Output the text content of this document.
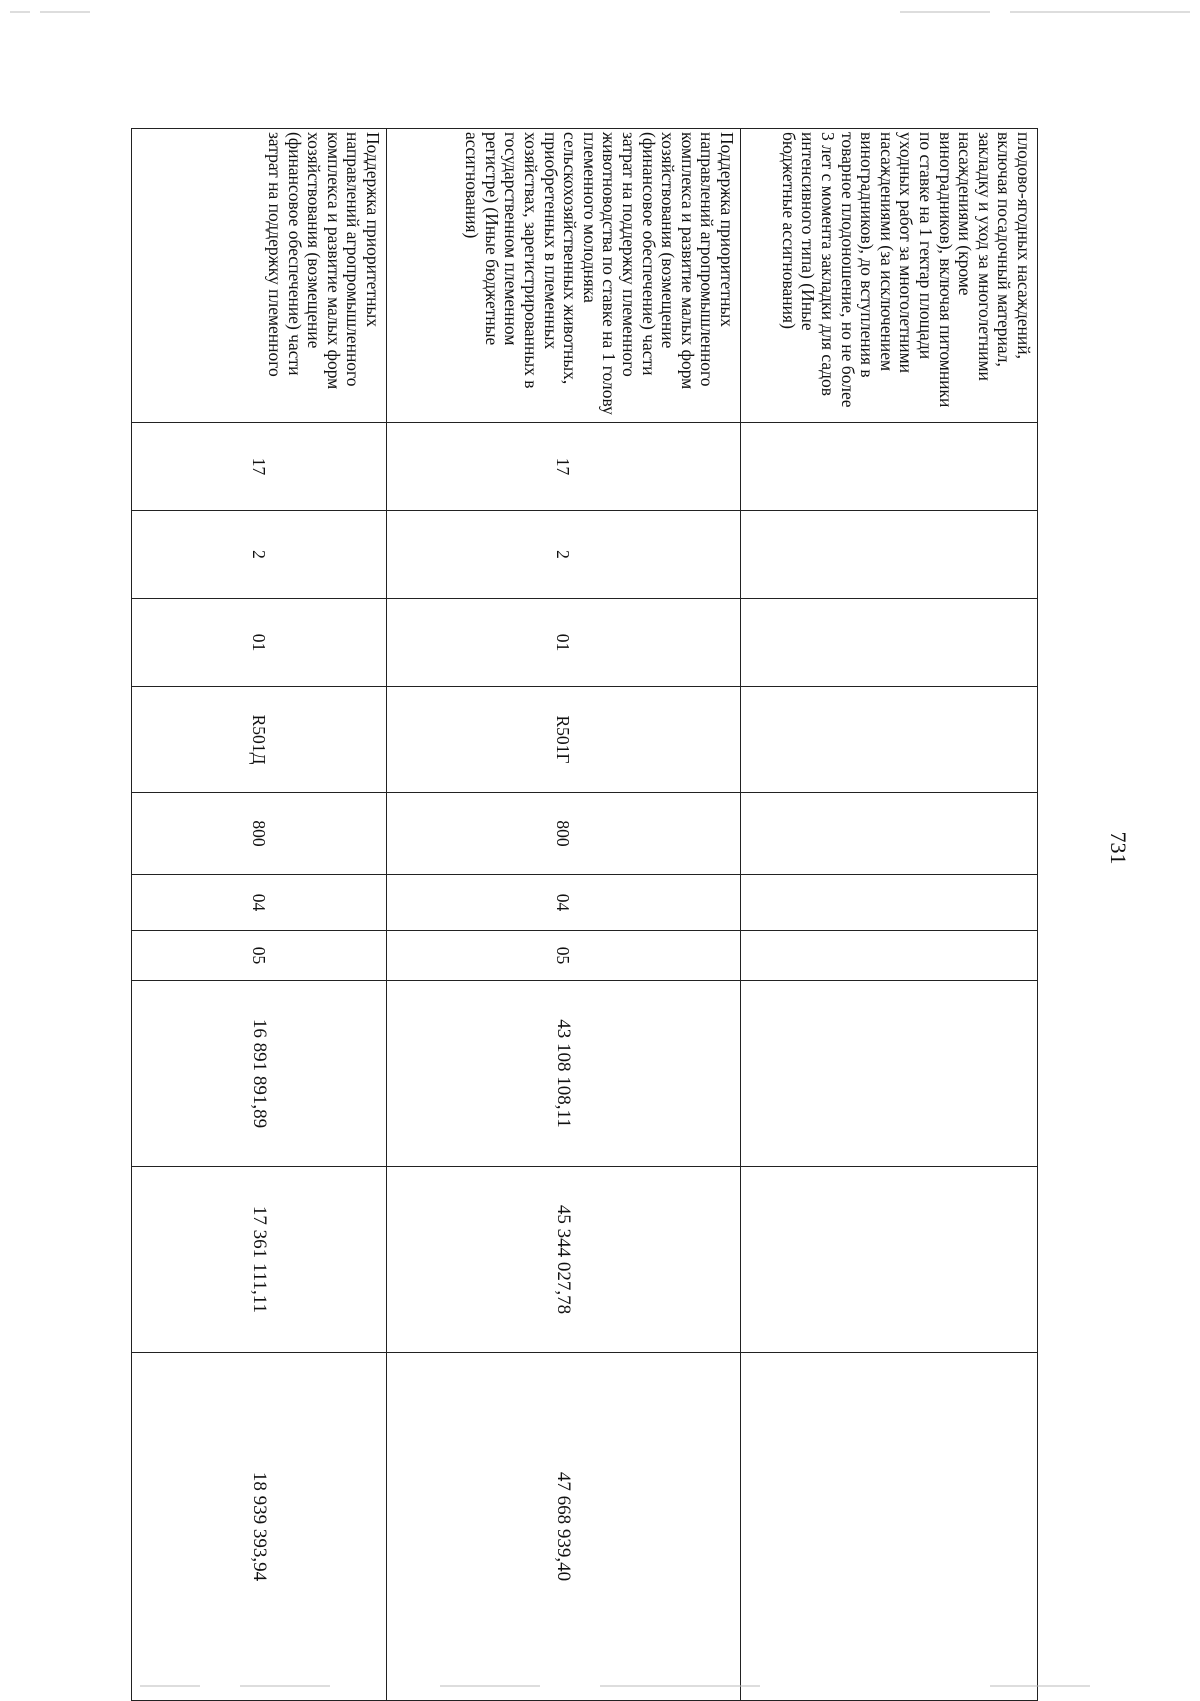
731
плодово-ягодных насаждений, включая посадочный материал, закладку и уход за многолетними насаждениями (кроме виноградников), включая питомники по ставке на 1 гектар площади уходных работ за многолетними насаждениями (за исключением виноградников), до вступления в товарное плодоношение, но не более 3 лет с момента закладки для садов интенсивного типа) (Иные бюджетные ассигнования)										
Поддержка приоритетных направлений агропромышленного комплекса и развитие малых форм хозяйствования (возмещение (финансовое обеспечение) части затрат на поддержку племенного животноводства по ставке на 1 голову племенного молодняка сельскохозяйственных животных, приобретенных в племенных хозяйствах, зарегистрированных в государственном племенном регистре) (Иные бюджетные ассигнования)	17	2	01	R501Г	800	04	05	43 108 108,11	45 344 027,78	47 668 939,40
Поддержка приоритетных направлений агропромышленного комплекса и развитие малых форм хозяйствования (возмещение (финансовое обеспечение) части затрат на поддержку племенного	17	2	01	R501Д	800	04	05	16 891 891,89	17 361 111,11	18 939 393,94
